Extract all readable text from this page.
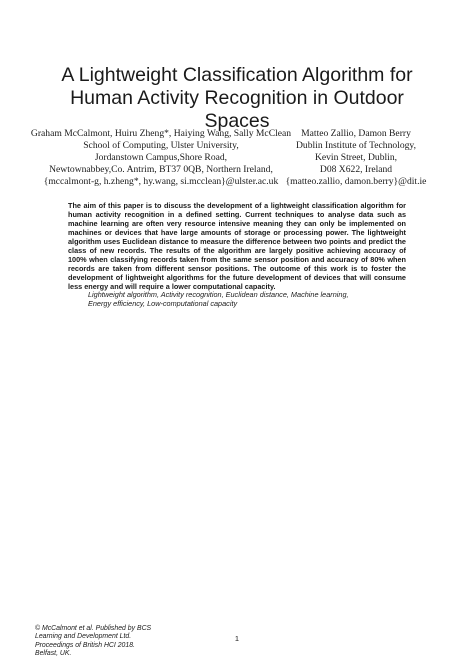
A Lightweight Classification Algorithm for
Human Activity Recognition in Outdoor
Spaces
Graham McCalmont, Huiru Zheng*, Haiying Wang, Sally McClean
School of Computing, Ulster University,
Jordanstown Campus,Shore Road,
Newtownabbey,Co. Antrim, BT37 0QB, Northern Ireland,
{mccalmont-g, h.zheng*, hy.wang, si.mcclean}@ulster.ac.uk
Matteo Zallio, Damon Berry
Dublin Institute of Technology,
Kevin Street, Dublin,
D08 X622, Ireland
{matteo.zallio, damon.berry}@dit.ie

The aim of this paper is to discuss the development of a lightweight classification algorithm for human activity recognition in a defined setting. Current techniques to analyse data such as machine learning are often very resource intensive meaning they can only be implemented on machines or devices that have large amounts of storage or processing power. The lightweight algorithm uses Euclidean distance to measure the difference between two points and predict the class of new records. The results of the algorithm are largely positive achieving accuracy of 100% when classifying records taken from the same sensor position and accuracy of 80% when records are taken from different sensor positions. The outcome of this work is to foster the development of lightweight algorithms for the future development of devices that will consume less energy and will require a lower computational capacity.

Lightweight algorithm, Activity recognition, Euclidean distance, Machine learning,
Energy efficiency, Low-computational capacity
© McCalmont et al. Published by BCS
Learning and Development Ltd.
Proceedings of British HCI 2018.
Belfast, UK.
1
